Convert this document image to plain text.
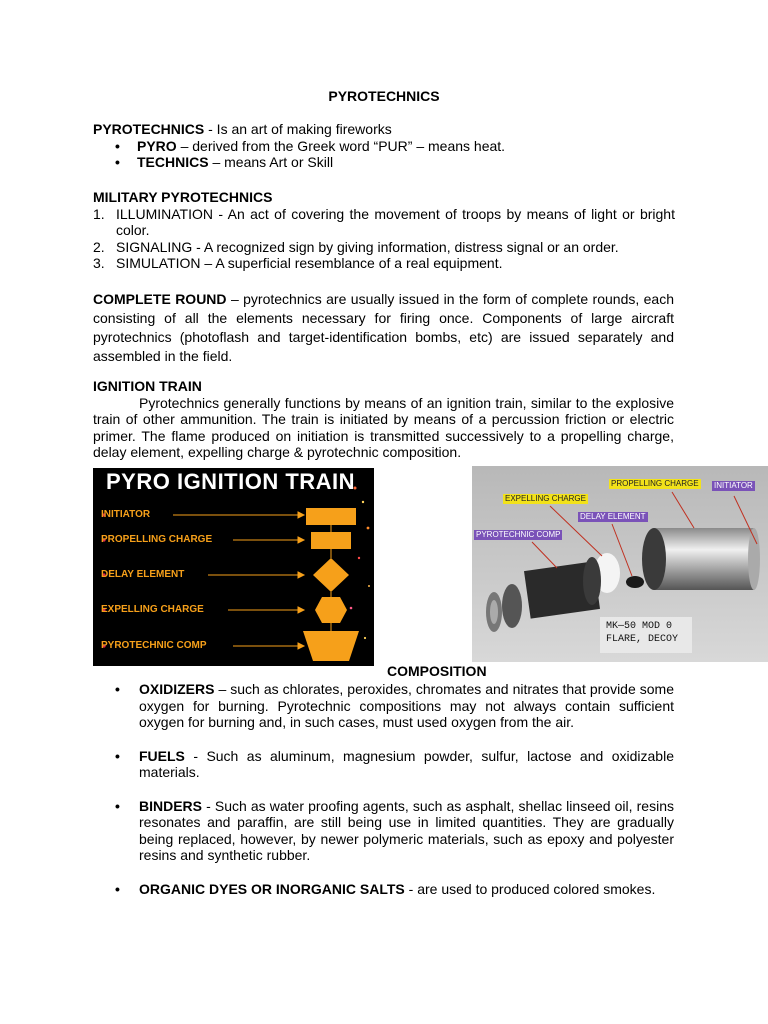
PYROTECHNICS
PYROTECHNICS - Is an art of making fireworks
• PYRO – derived from the Greek word “PUR” – means heat.
• TECHNICS – means Art or Skill
MILITARY PYROTECHNICS
1. ILLUMINATION - An act of covering the movement of troops by means of light or bright color.
2. SIGNALING - A recognized sign by giving information, distress signal or an order.
3. SIMULATION – A superficial resemblance of a real equipment.
COMPLETE ROUND – pyrotechnics are usually issued in the form of complete rounds, each consisting of all the elements necessary for firing once. Components of large aircraft pyrotechnics (photoflash and target-identification bombs, etc) are issued separately and assembled in the field.
IGNITION TRAIN
Pyrotechnics generally functions by means of an ignition train, similar to the explosive train of other ammunition. The train is initiated by means of a percussion friction or electric primer. The flame produced on initiation is transmitted successively to a propelling charge, delay element, expelling charge & pyrotechnic composition.
PYRO IGNITION TRAIN
INITIATOR
PROPELLING CHARGE
DELAY ELEMENT
EXPELLING CHARGE
PYROTECHNIC COMP
PROPELLING CHARGE INITIATOR
EXPELLING CHARGE
DELAY ELEMENT
PYROTECHNIC COMP
MK—50 MOD 0
FLARE, DECOY
COMPOSITION
• OXIDIZERS – such as chlorates, peroxides, chromates and nitrates that provide some oxygen for burning. Pyrotechnic compositions may not always contain sufficient oxygen for burning and, in such cases, must used oxygen from the air.
• FUELS - Such as aluminum, magnesium powder, sulfur, lactose and oxidizable materials.
• BINDERS - Such as water proofing agents, such as asphalt, shellac linseed oil, resins resonates and paraffin, are still being use in limited quantities. They are gradually being replaced, however, by newer polymeric materials, such as epoxy and polyester resins and synthetic rubber.
• ORGANIC DYES OR INORGANIC SALTS - are used to produced colored smokes.
